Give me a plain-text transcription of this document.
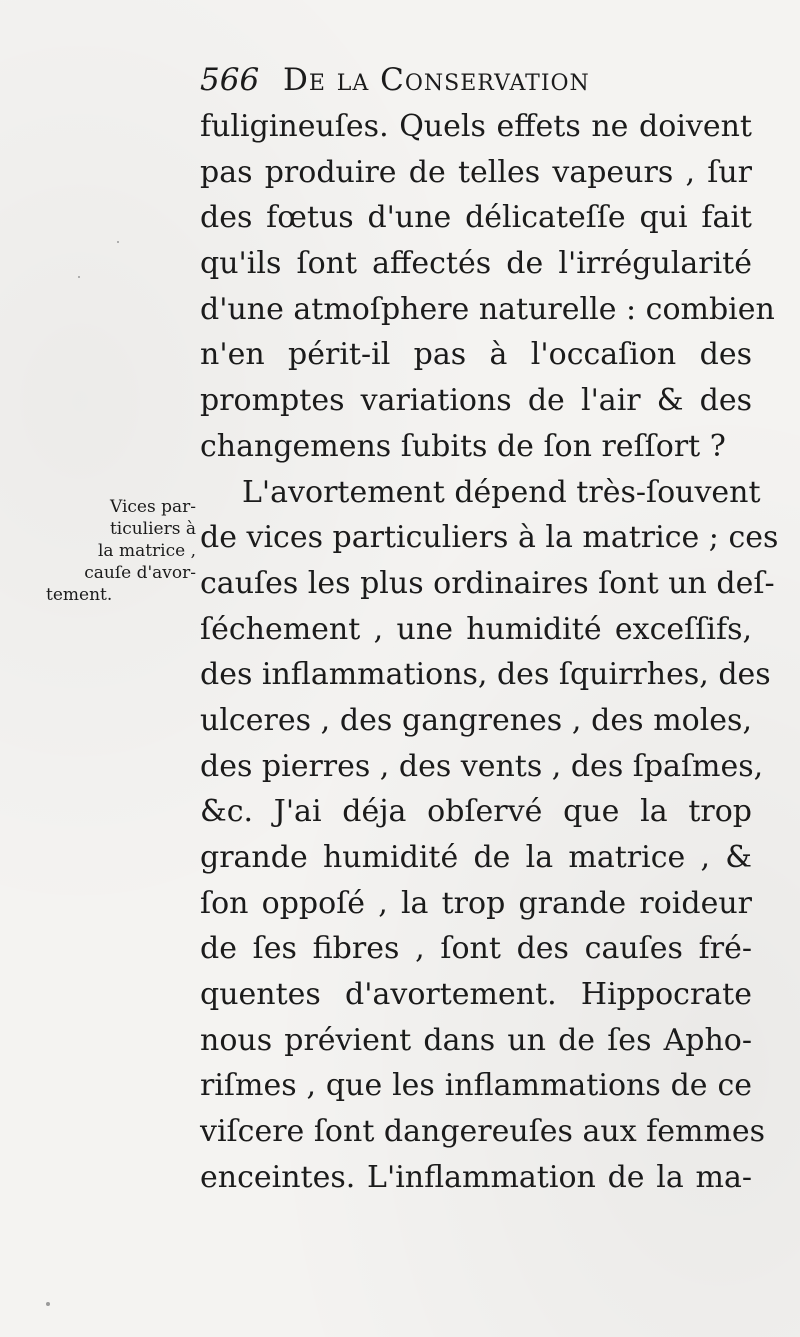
566 De la Conservation
Vices par-
ticuliers à
la matrice ,
cauſe d'avor-
tement.
fuligineuſes. Quels effets ne doivent
pas produire de telles vapeurs , ſur
des fœtus d'une délicateſſe qui fait
qu'ils ſont affectés de l'irrégularité
d'une atmoſphere naturelle : combien
n'en périt-il pas à l'occaſion des
promptes variations de l'air & des
changemens ſubits de ſon reſſort ?
L'avortement dépend très-ſouvent
de vices particuliers à la matrice ; ces
cauſes les plus ordinaires ſont un deſ-
ſéchement , une humidité exceſſifs,
des inflammations, des ſquirrhes, des
ulceres , des gangrenes , des moles,
des pierres , des vents , des ſpaſmes,
&c. J'ai déja obſervé que la trop
grande humidité de la matrice , &
ſon oppoſé , la trop grande roideur
de ſes fibres , ſont des cauſes fré-
quentes d'avortement. Hippocrate
nous prévient dans un de ſes Apho-
riſmes , que les inflammations de ce
viſcere ſont dangereuſes aux femmes
enceintes. L'inflammation de la ma-
